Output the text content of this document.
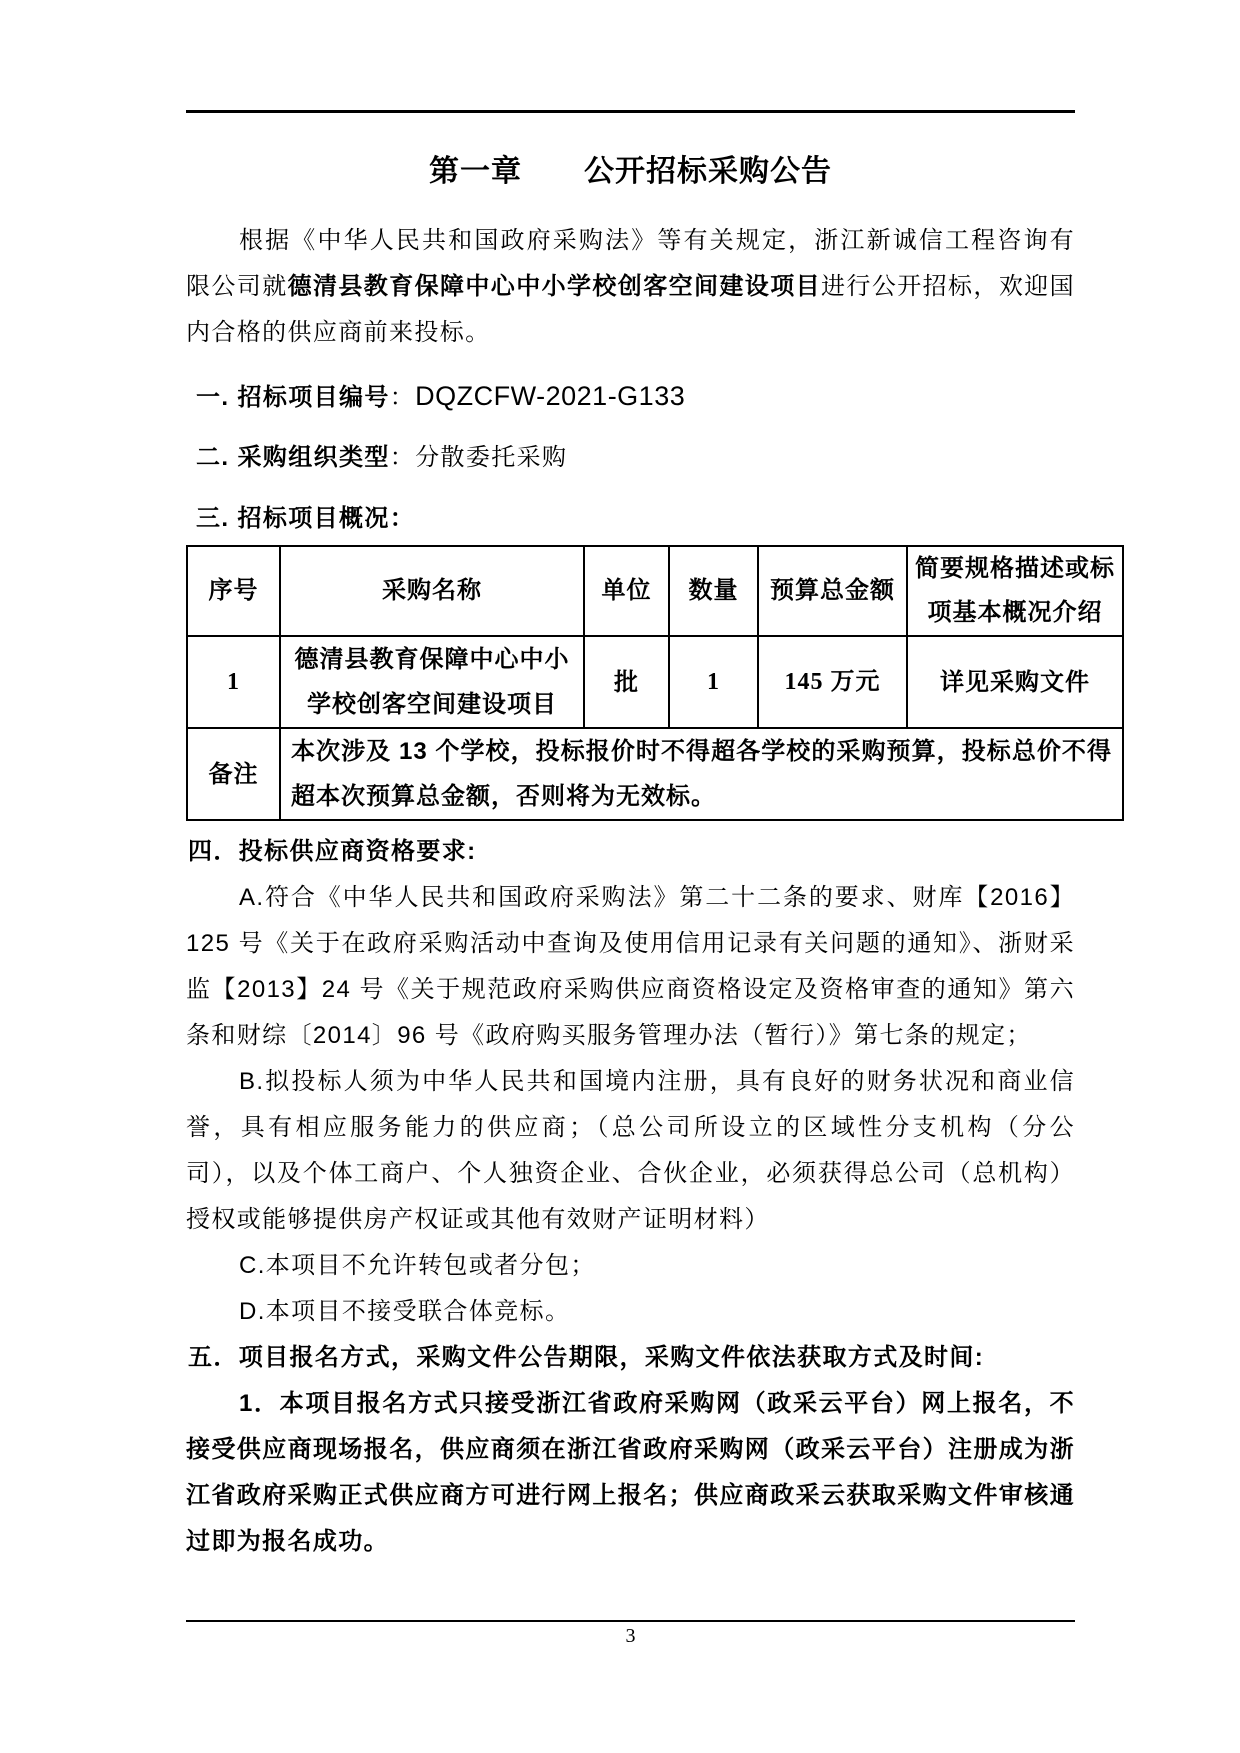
第一章　　公开招标采购公告

根据《中华人民共和国政府采购法》等有关规定，浙江新诚信工程咨询有限公司就德清县教育保障中心中小学校创客空间建设项目进行公开招标，欢迎国内合格的供应商前来投标。

一. 招标项目编号：DQZCFW-2021-G133

二. 采购组织类型：分散委托采购

三. 招标项目概况：

序号	采购名称	单位	数量	预算总金额	简要规格描述或标项基本概况介绍
1	德清县教育保障中心中小学校创客空间建设项目	批	1	145 万元	详见采购文件
备注	本次涉及 13 个学校，投标报价时不得超各学校的采购预算，投标总价不得超本次预算总金额，否则将为无效标。				

四．投标供应商资格要求:

A.符合《中华人民共和国政府采购法》第二十二条的要求、财库【2016】125 号《关于在政府采购活动中查询及使用信用记录有关问题的通知》、浙财采监【2013】24 号《关于规范政府采购供应商资格设定及资格审查的通知》第六条和财综〔2014〕96 号《政府购买服务管理办法（暂行）》第七条的规定；

B.拟投标人须为中华人民共和国境内注册，具有良好的财务状况和商业信誉，具有相应服务能力的供应商；（总公司所设立的区域性分支机构（分公司），以及个体工商户、个人独资企业、合伙企业，必须获得总公司（总机构）授权或能够提供房产权证或其他有效财产证明材料）

C.本项目不允许转包或者分包；

D.本项目不接受联合体竞标。

五．项目报名方式，采购文件公告期限，采购文件依法获取方式及时间:

1．本项目报名方式只接受浙江省政府采购网（政采云平台）网上报名，不接受供应商现场报名，供应商须在浙江省政府采购网（政采云平台）注册成为浙江省政府采购正式供应商方可进行网上报名；供应商政采云获取采购文件审核通过即为报名成功。

3
